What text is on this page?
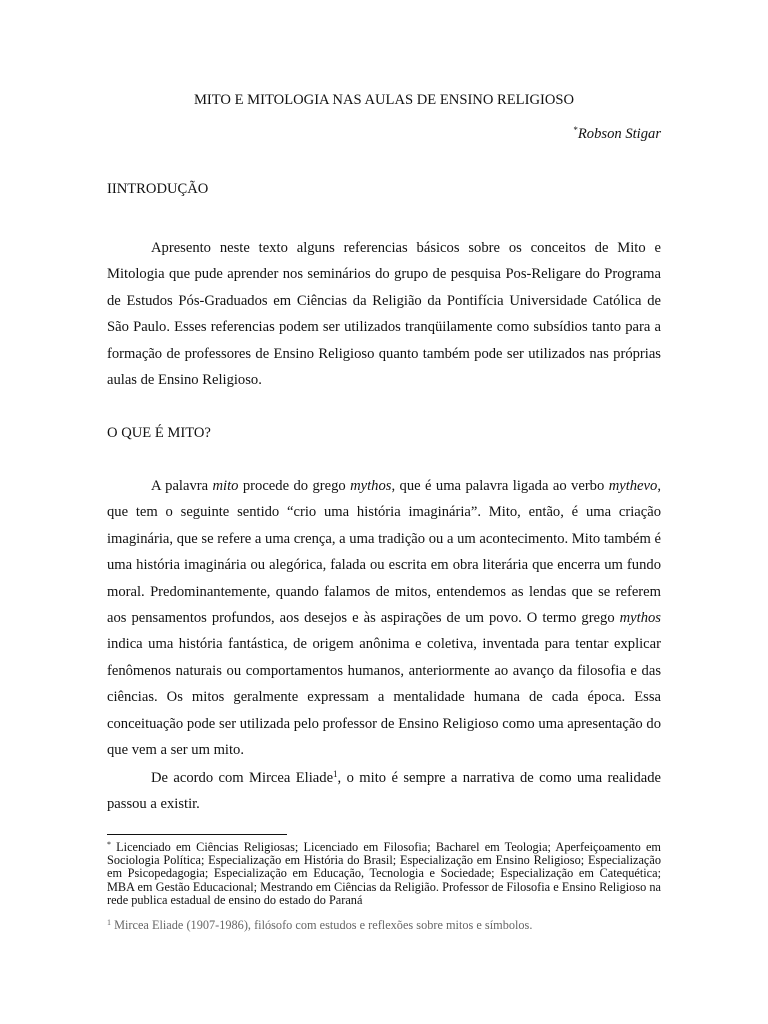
MITO E MITOLOGIA NAS AULAS DE ENSINO RELIGIOSO

*Robson Stigar

IINTRODUÇÃO

Apresento neste texto alguns referencias básicos sobre os conceitos de Mito e Mitologia que pude aprender nos seminários do grupo de pesquisa Pos-Religare do Programa de Estudos Pós-Graduados em Ciências da Religião da Pontifícia Universidade Católica de São Paulo. Esses referencias podem ser utilizados tranqüilamente como subsídios tanto para a formação de professores de Ensino Religioso quanto também pode ser utilizados nas próprias aulas de Ensino Religioso.

O QUE É MITO?

A palavra mito procede do grego mythos, que é uma palavra ligada ao verbo mythevo, que tem o seguinte sentido “crio uma história imaginária”. Mito, então, é uma criação imaginária, que se refere a uma crença, a uma tradição ou a um acontecimento. Mito também é uma história imaginária ou alegórica, falada ou escrita em obra literária que encerra um fundo moral. Predominantemente, quando falamos de mitos, entendemos as lendas que se referem aos pensamentos profundos, aos desejos e às aspirações de um povo. O termo grego mythos indica uma história fantástica, de origem anônima e coletiva, inventada para tentar explicar fenômenos naturais ou comportamentos humanos, anteriormente ao avanço da filosofia e das ciências. Os mitos geralmente expressam a mentalidade humana de cada época. Essa conceituação pode ser utilizada pelo professor de Ensino Religioso como uma apresentação do que vem a ser um mito.

De acordo com Mircea Eliade$^1$, o mito é sempre a narrativa de como uma realidade passou a existir.

* Licenciado em Ciências Religiosas; Licenciado em Filosofia; Bacharel em Teologia; Aperfeiçoamento em Sociologia Política; Especialização em História do Brasil; Especialização em Ensino Religioso; Especialização em Psicopedagogia; Especialização em Educação, Tecnologia e Sociedade; Especialização em Catequética; MBA em Gestão Educacional; Mestrando em Ciências da Religião. Professor de Filosofia e Ensino Religioso na rede publica estadual de ensino do estado do Paraná

$^1$ Mircea Eliade (1907-1986), filósofo com estudos e reflexões sobre mitos e símbolos.
